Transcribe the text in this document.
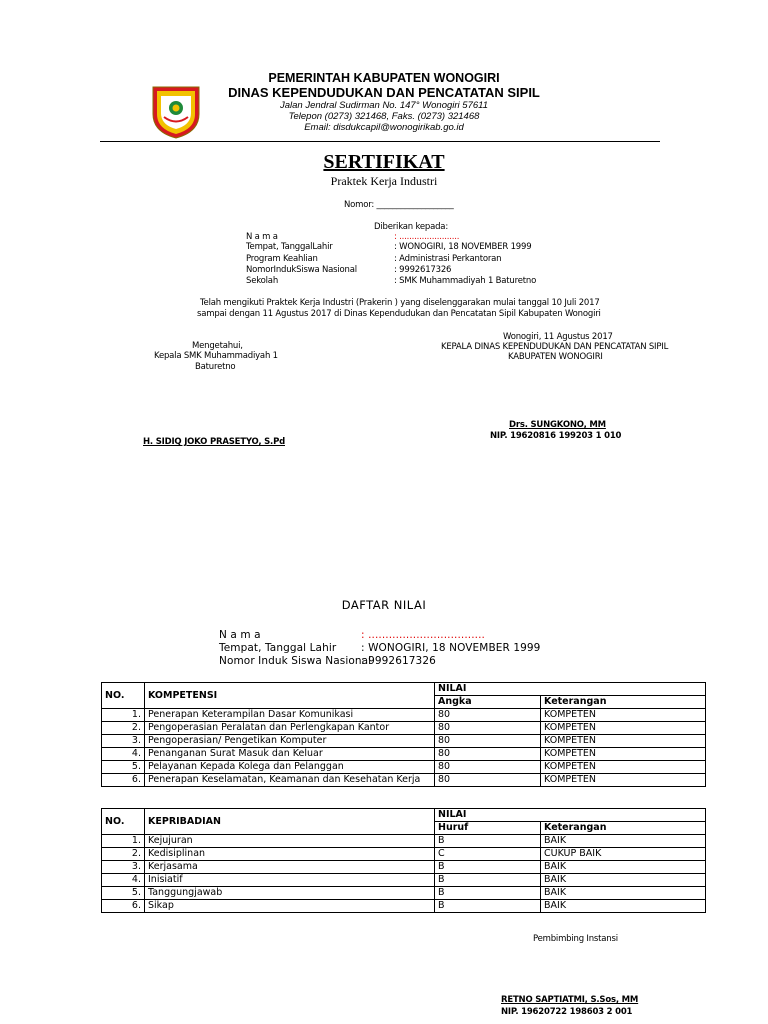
PEMERINTAH KABUPATEN WONOGIRI
DINAS KEPENDUDUKAN DAN PENCATATAN SIPIL
Jalan Jendral Sudirman No. 147° Wonogiri 57611
Telepon (0273) 321468, Faks. (0273) 321468
Email: disdukcapil@wonogirikab.go.id
SERTIFIKAT
Praktek Kerja Industri
Nomor: ___________________
Diberikan kepada:
N a m a	: ........................
Tempat, TanggalLahir	: WONOGIRI, 18 NOVEMBER 1999
Program Keahlian	: Administrasi Perkantoran
NomorIndukSiswa Nasional	: 9992617326
Sekolah	: SMK Muhammadiyah 1 Baturetno
Telah mengikuti Praktek Kerja Industri (Prakerin ) yang diselenggarakan mulai tanggal 10 Juli 2017
sampai dengan 11 Agustus 2017 di Dinas Kependudukan dan Pencatatan Sipil Kabupaten Wonogiri
Mengetahui,
Kepala SMK Muhammadiyah 1
Baturetno
H. SIDIQ JOKO PRASETYO, S.Pd
Wonogiri, 11 Agustus 2017
KEPALA DINAS KEPENDUDUKAN DAN PENCATATAN SIPIL
KABUPATEN WONOGIRI
Drs. SUNGKONO, MM
NIP. 19620816 199203 1 010
DAFTAR NILAI
N a m a	: ..................................
Tempat, Tanggal Lahir : WONOGIRI, 18 NOVEMBER 1999
Nomor Induk Siswa Nasional
: 9992617326
NO.	KOMPETENSI	NILAI	
		Angka	Keterangan
1.	Penerapan Keterampilan Dasar Komunikasi	80	KOMPETEN
2.	Pengoperasian Peralatan dan Perlengkapan Kantor	80	KOMPETEN
3.	Pengoperasian/ Pengetikan Komputer	80	KOMPETEN
4.	Penanganan Surat Masuk dan Keluar	80	KOMPETEN
5.	Pelayanan Kepada Kolega dan Pelanggan	80	KOMPETEN
6.	Penerapan Keselamatan, Keamanan dan Kesehatan Kerja	80	KOMPETEN
NO.	KEPRIBADIAN	NILAI	
		Huruf	Keterangan
1.	Kejujuran	B	BAIK
2.	Kedisiplinan	C	CUKUP BAIK
3.	Kerjasama	B	BAIK
4.	Inisiatif	B	BAIK
5.	Tanggungjawab	B	BAIK
6.	Sikap	B	BAIK
Pembimbing Instansi
RETNO SAPTIATMI, S.Sos, MM
NIP. 19620722 198603 2 001
